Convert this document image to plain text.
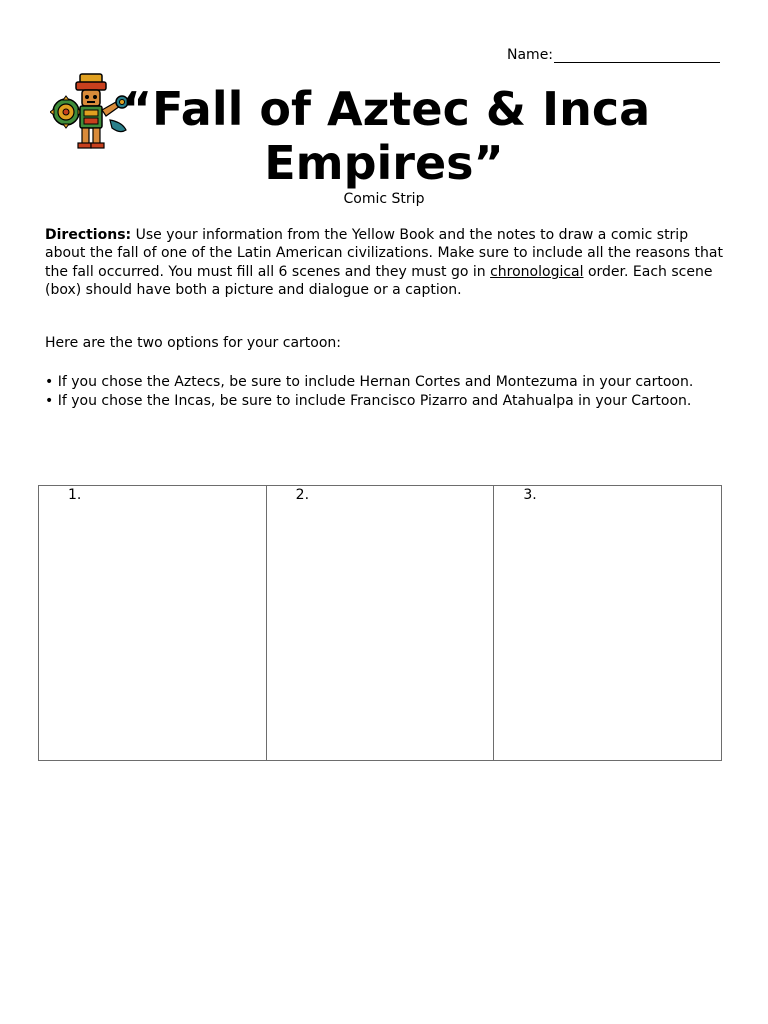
Name:
“Fall of Aztec & Inca
Empires”
Comic Strip
Directions: Use your information from the Yellow Book and the notes to draw a comic strip about the fall of one of the Latin American civilizations. Make sure to include all the reasons that the fall occurred. You must fill all 6 scenes and they must go in chronological order. Each scene (box) should have both a picture and dialogue or a caption.
Here are the two options for your cartoon:

• If you chose the Aztecs, be sure to include Hernan Cortes and Montezuma in your cartoon.

• If you chose the Incas, be sure to include Francisco Pizarro and Atahualpa in your Cartoon.

1.	2.	3.
